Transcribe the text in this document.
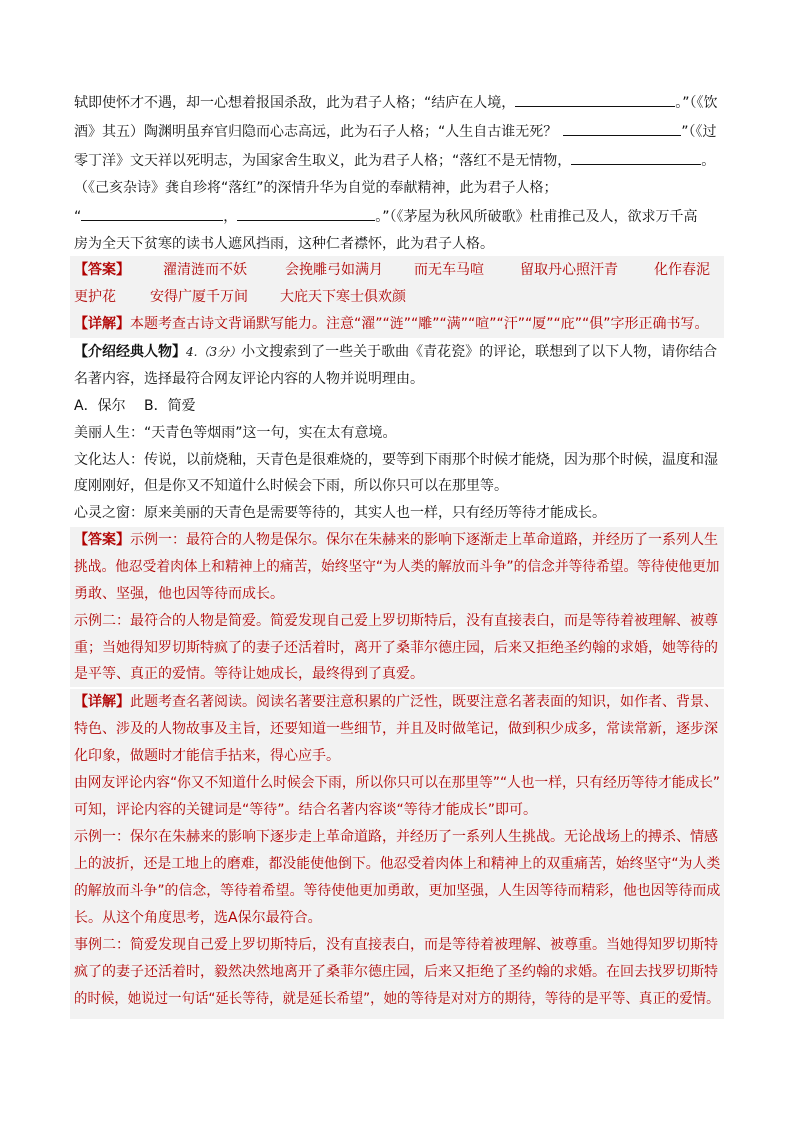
轼即使怀才不遇，却一心想着报国杀敌，此为君子人格；“结庐在人境，	。”（《饮
酒》其五）陶渊明虽弃官归隐而心志高远，此为石子人格；“人生自古谁无死？	”（《过
零丁洋》文天祥以死明志，为国家舍生取义，此为君子人格；“落红不是无情物，	。
（《己亥杂诗》龚自珍将“落红”的深情升华为自觉的奉献精神，此为君子人格；
“	，	。”（《茅屋为秋风所破歌》杜甫推己及人，欲求万千高
房为全天下贫寒的读书人遮风挡雨，这种仁者襟怀，此为君子人格。
【答案】 濯清涟而不妖	会挽雕弓如满月 而无车马喧	留取丹心照汗青	化作春泥
更护花 安得广厦千万间 大庇天下寒士俱欢颜
【详解】本题考查古诗文背诵默写能力。注意“濯”“涟”“雕”“满”“喧”“汗”“厦”“庇”“俱”字形正确书写。
【介绍经典人物】4.（3分）小文搜索到了一些关于歌曲《青花瓷》的评论，联想到了以下人物，请你结合
名著内容，选择最符合网友评论内容的人物并说明理由。
A．保尔 B．简爱
美丽人生：“天青色等烟雨”这一句，实在太有意境。
文化达人：传说，以前烧釉，天青色是很难烧的，要等到下雨那个时候才能烧，因为那个时候，温度和湿
度刚刚好，但是你又不知道什么时候会下雨，所以你只可以在那里等。
心灵之窗：原来美丽的天青色是需要等待的，其实人也一样，只有经历等待才能成长。
【答案】示例一：最符合的人物是保尔。保尔在朱赫来的影响下逐渐走上革命道路，并经历了一系列人生
挑战。他忍受着肉体上和精神上的痛苦，始终坚守“为人类的解放而斗争”的信念并等待希望。等待使他更加
勇敢、坚强，他也因等待而成长。
示例二：最符合的人物是简爱。简爱发现自己爱上罗切斯特后，没有直接表白，而是等待着被理解、被尊
重；当她得知罗切斯特疯了的妻子还活着时，离开了桑菲尔德庄园，后来又拒绝圣约翰的求婚，她等待的
是平等、真正的爱情。等待让她成长，最终得到了真爱。
【详解】此题考查名著阅读。阅读名著要注意积累的广泛性，既要注意名著表面的知识，如作者、背景、
特色、涉及的人物故事及主旨，还要知道一些细节，并且及时做笔记，做到积少成多，常读常新，逐步深
化印象，做题时才能信手拈来，得心应手。
由网友评论内容“你又不知道什么时候会下雨，所以你只可以在那里等”“人也一样，只有经历等待才能成长”
可知，评论内容的关键词是“等待”。结合名著内容谈“等待才能成长”即可。
示例一：保尔在朱赫来的影响下逐步走上革命道路，并经历了一系列人生挑战。无论战场上的搏杀、情感
上的波折，还是工地上的磨难，都没能使他倒下。他忍受着肉体上和精神上的双重痛苦，始终坚守“为人类
的解放而斗争”的信念，等待着希望。等待使他更加勇敢，更加坚强，人生因等待而精彩，他也因等待而成
长。从这个角度思考，选A保尔最符合。
事例二：简爱发现自己爱上罗切斯特后，没有直接表白，而是等待着被理解、被尊重。当她得知罗切斯特
疯了的妻子还活着时，毅然决然地离开了桑菲尔德庄园，后来又拒绝了圣约翰的求婚。在回去找罗切斯特
的时候，她说过一句话“延长等待，就是延长希望”，她的等待是对对方的期待，等待的是平等、真正的爱情。
